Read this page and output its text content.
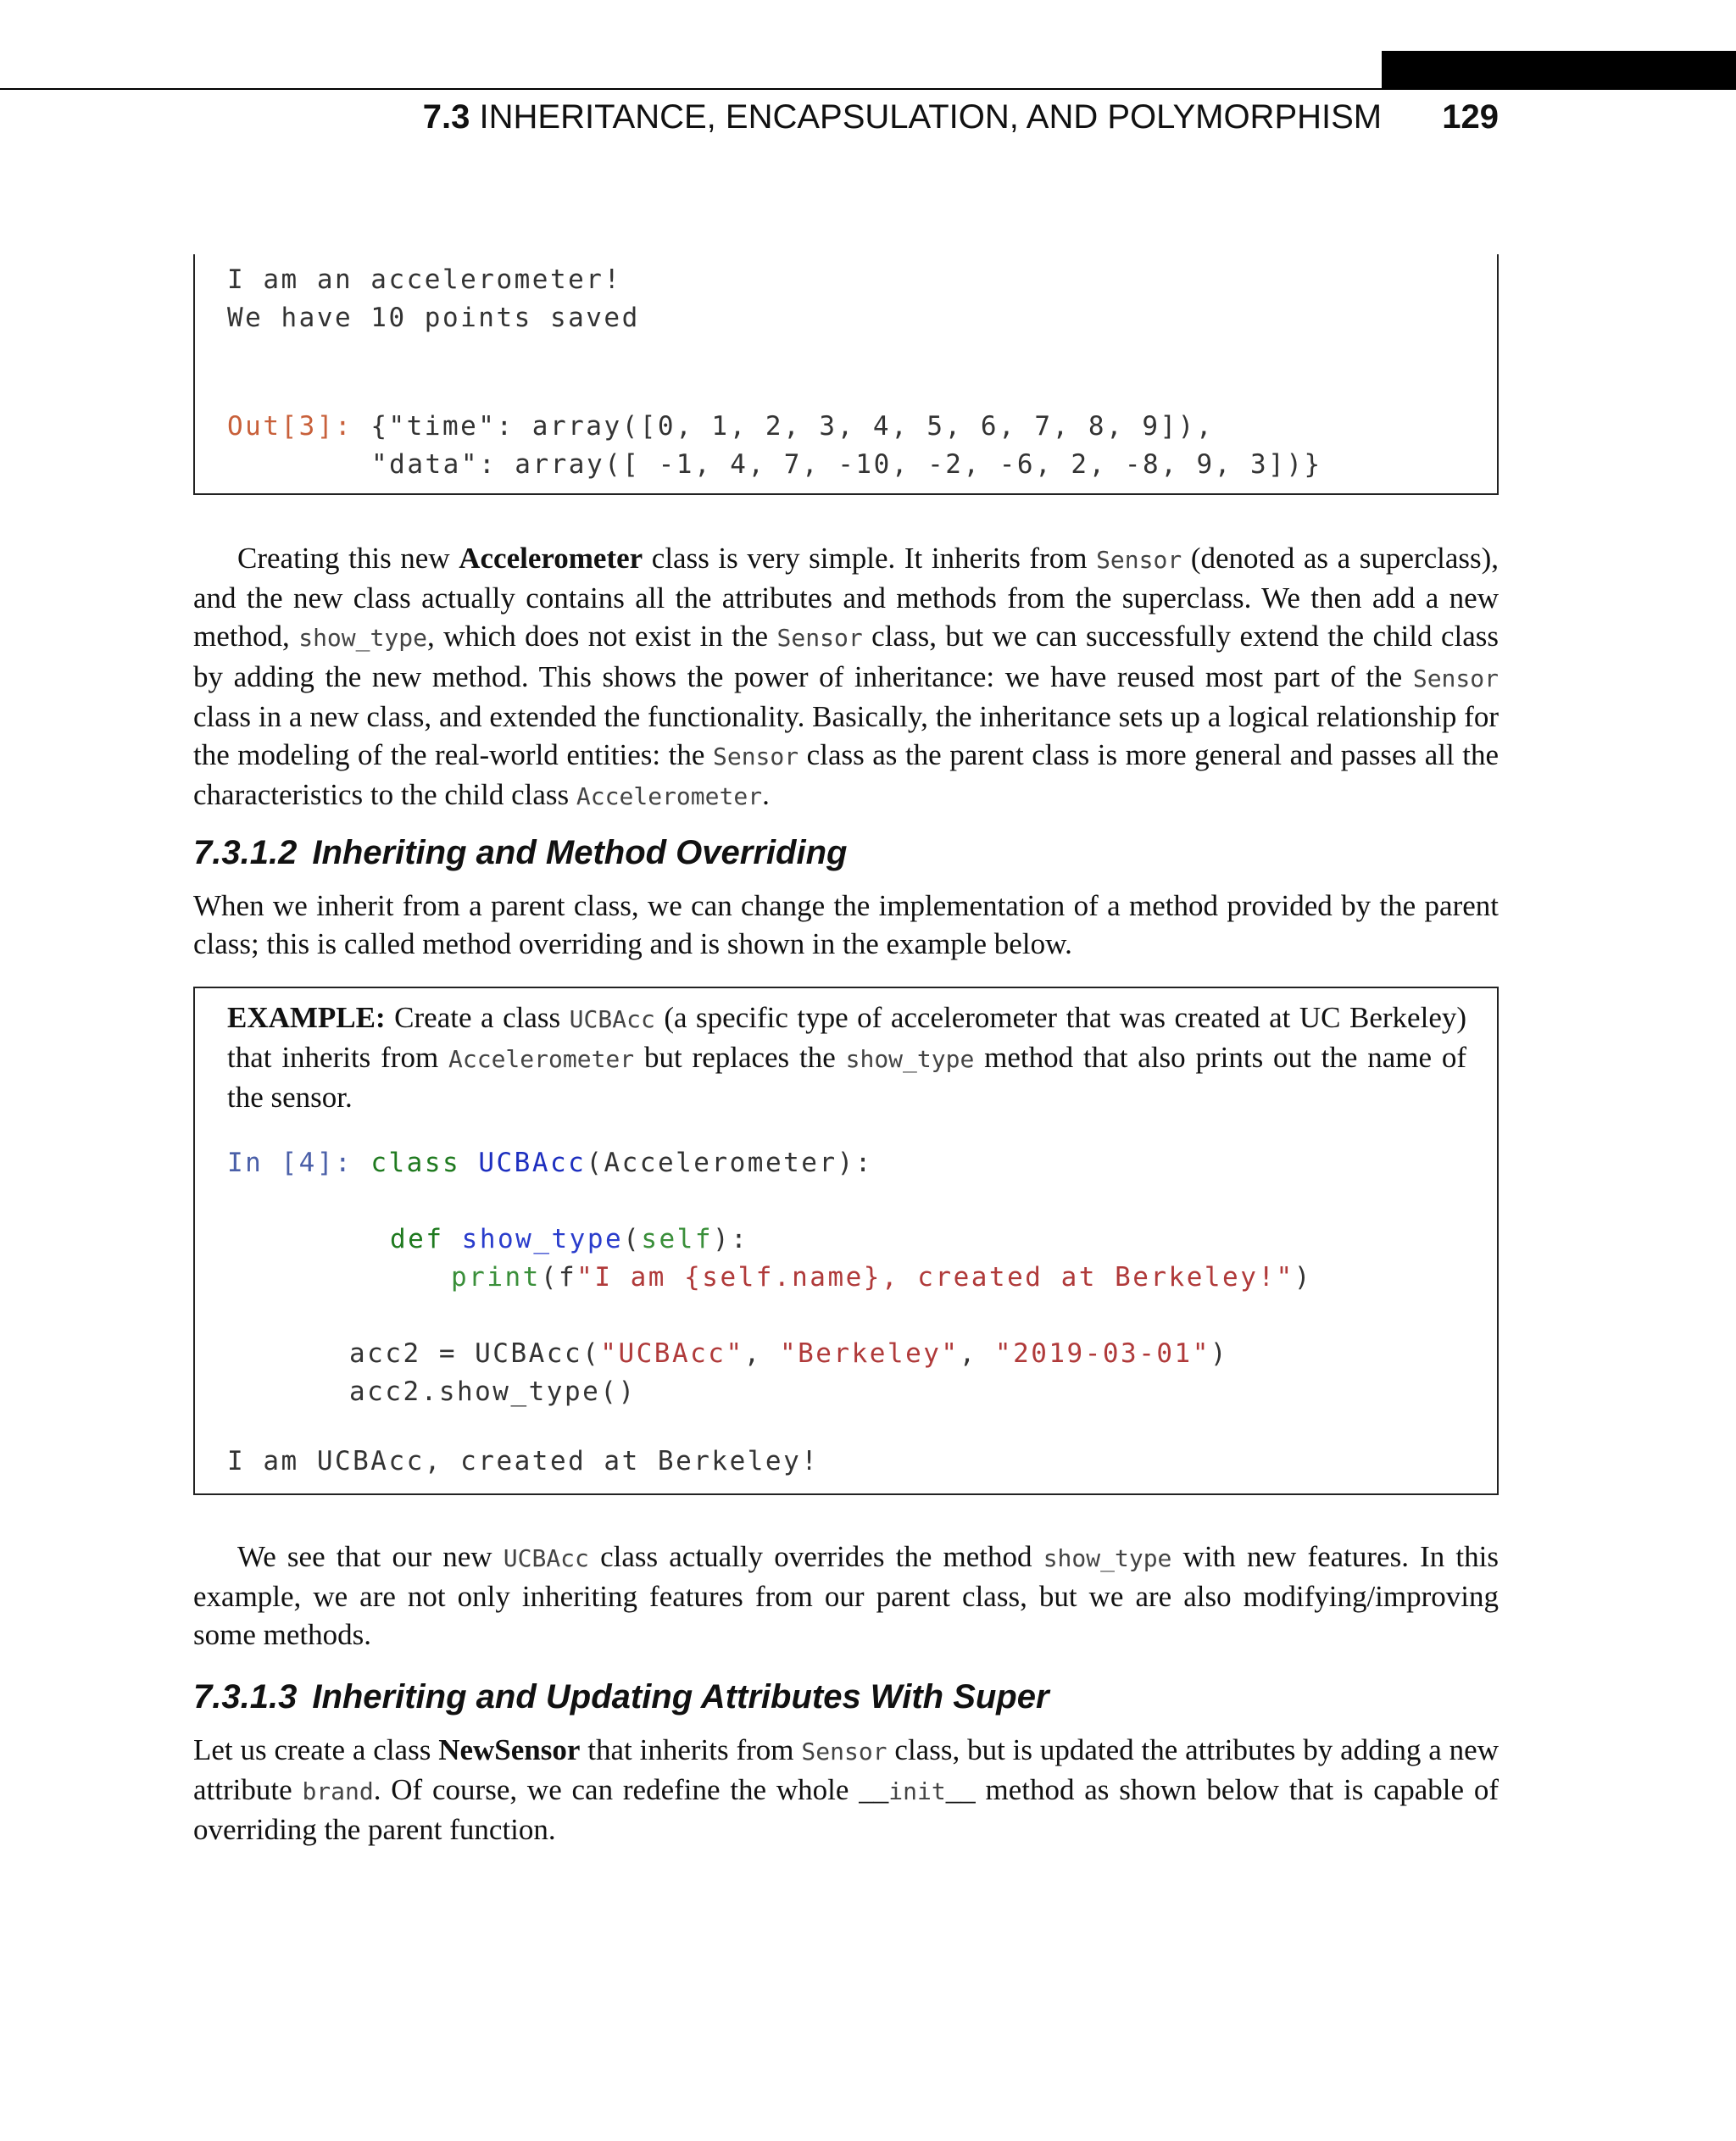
7.3 INHERITANCE, ENCAPSULATION, AND POLYMORPHISM 129
I am an accelerometer!
We have 10 points saved
Out[3]: {"time": array([0, 1, 2, 3, 4, 5, 6, 7, 8, 9]),
"data": array([ -1, 4, 7, -10, -2, -6, 2, -8, 9, 3])}

Creating this new Accelerometer class is very simple. It inherits from Sensor (denoted as a superclass), and the new class actually contains all the attributes and methods from the superclass. We then add a new method, show_type, which does not exist in the Sensor class, but we can successfully extend the child class by adding the new method. This shows the power of inheritance: we have reused most part of the Sensor class in a new class, and extended the functionality. Basically, the inheritance sets up a logical relationship for the modeling of the real-world entities: the Sensor class as the parent class is more general and passes all the characteristics to the child class Accelerometer.

7.3.1.2 Inheriting and Method Overriding

When we inherit from a parent class, we can change the implementation of a method provided by the parent class; this is called method overriding and is shown in the example below.

EXAMPLE: Create a class UCBAcc (a specific type of accelerometer that was created at UC Berkeley) that inherits from Accelerometer but replaces the show_type method that also prints out the name of the sensor.

In [4]: class UCBAcc(Accelerometer):
def show_type(self):
print(f"I am {self.name}, created at Berkeley!")
acc2 = UCBAcc("UCBAcc", "Berkeley", "2019-03-01")
acc2.show_type()
I am UCBAcc, created at Berkeley!

We see that our new UCBAcc class actually overrides the method show_type with new features. In this example, we are not only inheriting features from our parent class, but we are also modifying/improving some methods.

7.3.1.3 Inheriting and Updating Attributes With Super

Let us create a class NewSensor that inherits from Sensor class, but is updated the attributes by adding a new attribute brand. Of course, we can redefine the whole __init__ method as shown below that is capable of overriding the parent function.
